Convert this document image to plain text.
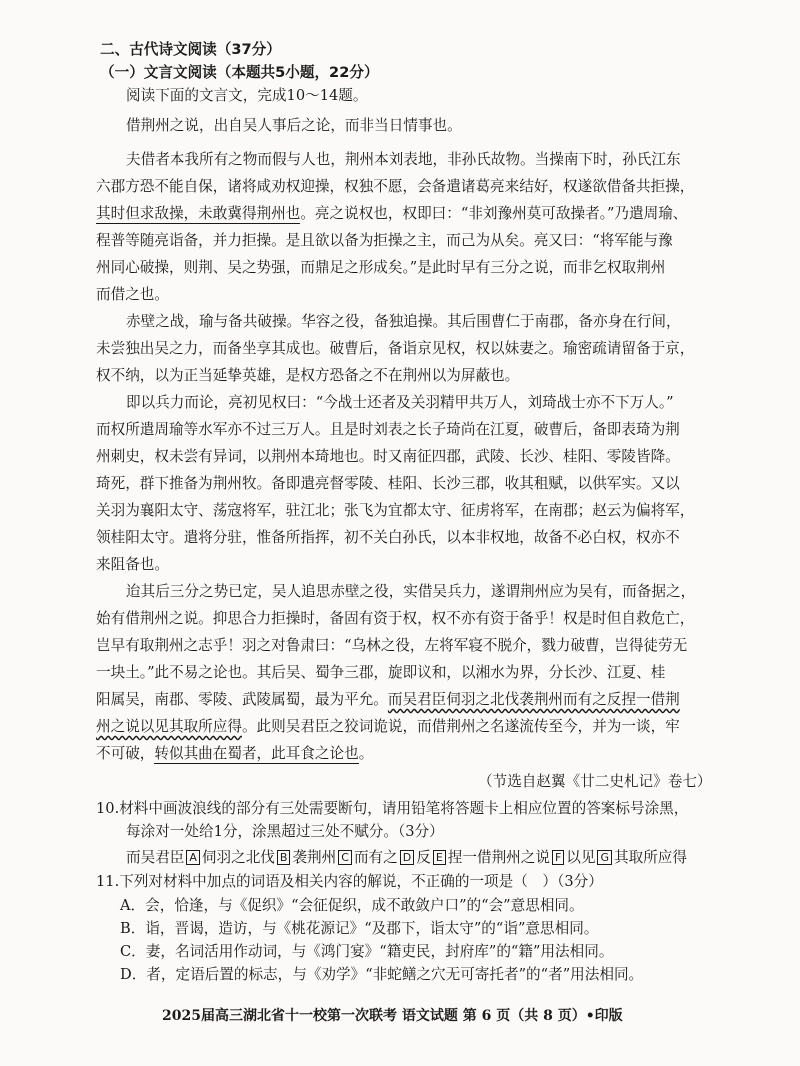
二、古代诗文阅读（37分）

（一）文言文阅读（本题共5小题，22分）

阅读下面的文言文，完成10～14题。

借荆州之说，出自吴人事后之论，而非当日情事也。

夫借者本我所有之物而假与人也，荆州本刘表地，非孙氏故物。当操南下时，孙氏江东

六郡方恐不能自保，诸将咸劝权迎操，权独不愿，会备遣诸葛亮来结好，权遂欲借备共拒操，

其时但求敌操，未敢冀得荆州也。亮之说权也，权即曰：“非刘豫州莫可敌操者。”乃遣周瑜、

程普等随亮诣备，并力拒操。是且欲以备为拒操之主，而己为从矣。亮又曰：“将军能与豫

州同心破操，则荆、吴之势强，而鼎足之形成矣。”是此时早有三分之说，而非乞权取荆州

而借之也。

赤壁之战，瑜与备共破操。华容之役，备独追操。其后围曹仁于南郡，备亦身在行间，

未尝独出吴之力，而备坐享其成也。破曹后，备诣京见权，权以妹妻之。瑜密疏请留备于京，

权不纳，以为正当延挚英雄，是权方恐备之不在荆州以为屏蔽也。

即以兵力而论，亮初见权曰：“今战士还者及关羽精甲共万人，刘琦战士亦不下万人。”

而权所遣周瑜等水军亦不过三万人。且是时刘表之长子琦尚在江夏，破曹后，备即表琦为荆

州刺史，权未尝有异词，以荆州本琦地也。时又南征四郡，武陵、长沙、桂阳、零陵皆降。

琦死，群下推备为荆州牧。备即遣亮督零陵、桂阳、长沙三郡，收其租赋，以供军实。又以

关羽为襄阳太守、荡寇将军，驻江北；张飞为宜都太守、征虏将军，在南郡；赵云为偏将军，

领桂阳太守。遣将分驻，惟备所指挥，初不关白孙氏，以本非权地，故备不必白权，权亦不

来阻备也。

迨其后三分之势已定，吴人追思赤壁之役，实借吴兵力，遂谓荆州应为吴有，而备据之，

始有借荆州之说。抑思合力拒操时，备固有资于权，权不亦有资于备乎！权是时但自救危亡，

岂早有取荆州之志乎！羽之对鲁肃曰：“乌林之役，左将军寝不脱介，戮力破曹，岂得徒劳无

一块土。”此不易之论也。其后吴、蜀争三郡，旋即议和，以湘水为界，分长沙、江夏、桂

阳属吴，南郡、零陵、武陵属蜀，最为平允。而吴君臣伺羽之北伐袭荆州而有之反捏一借荆

州之说以见其取所应得。此则吴君臣之狡词诡说，而借荆州之名遂流传至今，并为一谈，牢

不可破，转似其曲在蜀者，此耳食之论也。

（节选自赵翼《廿二史札记》卷七）

10.材料中画波浪线的部分有三处需要断句，请用铅笔将答题卡上相应位置的答案标号涂黑，

每涂对一处给1分，涂黑超过三处不赋分。（3分）

而吴君臣 A 伺羽之北伐 B 袭荆州 C 而有之 D 反 E 捏一借荆州之说 F 以见 G 其取所应得

11.下列对材料中加点的词语及相关内容的解说，不正确的一项是（　）（3分）

A．会，恰逢，与《促织》“会征促织，成不敢敛户口”的“会”意思相同。

B．诣，晋谒，造访，与《桃花源记》“及郡下，诣太守”的“诣”意思相同。

C．妻，名词活用作动词，与《鸿门宴》“籍吏民，封府库”的“籍”用法相同。

D．者，定语后置的标志，与《劝学》“非蛇鳝之穴无可寄托者”的“者”用法相同。

2025届高三湖北省十一校第一次联考 语文试题 第 6 页（共 8 页）•印版
